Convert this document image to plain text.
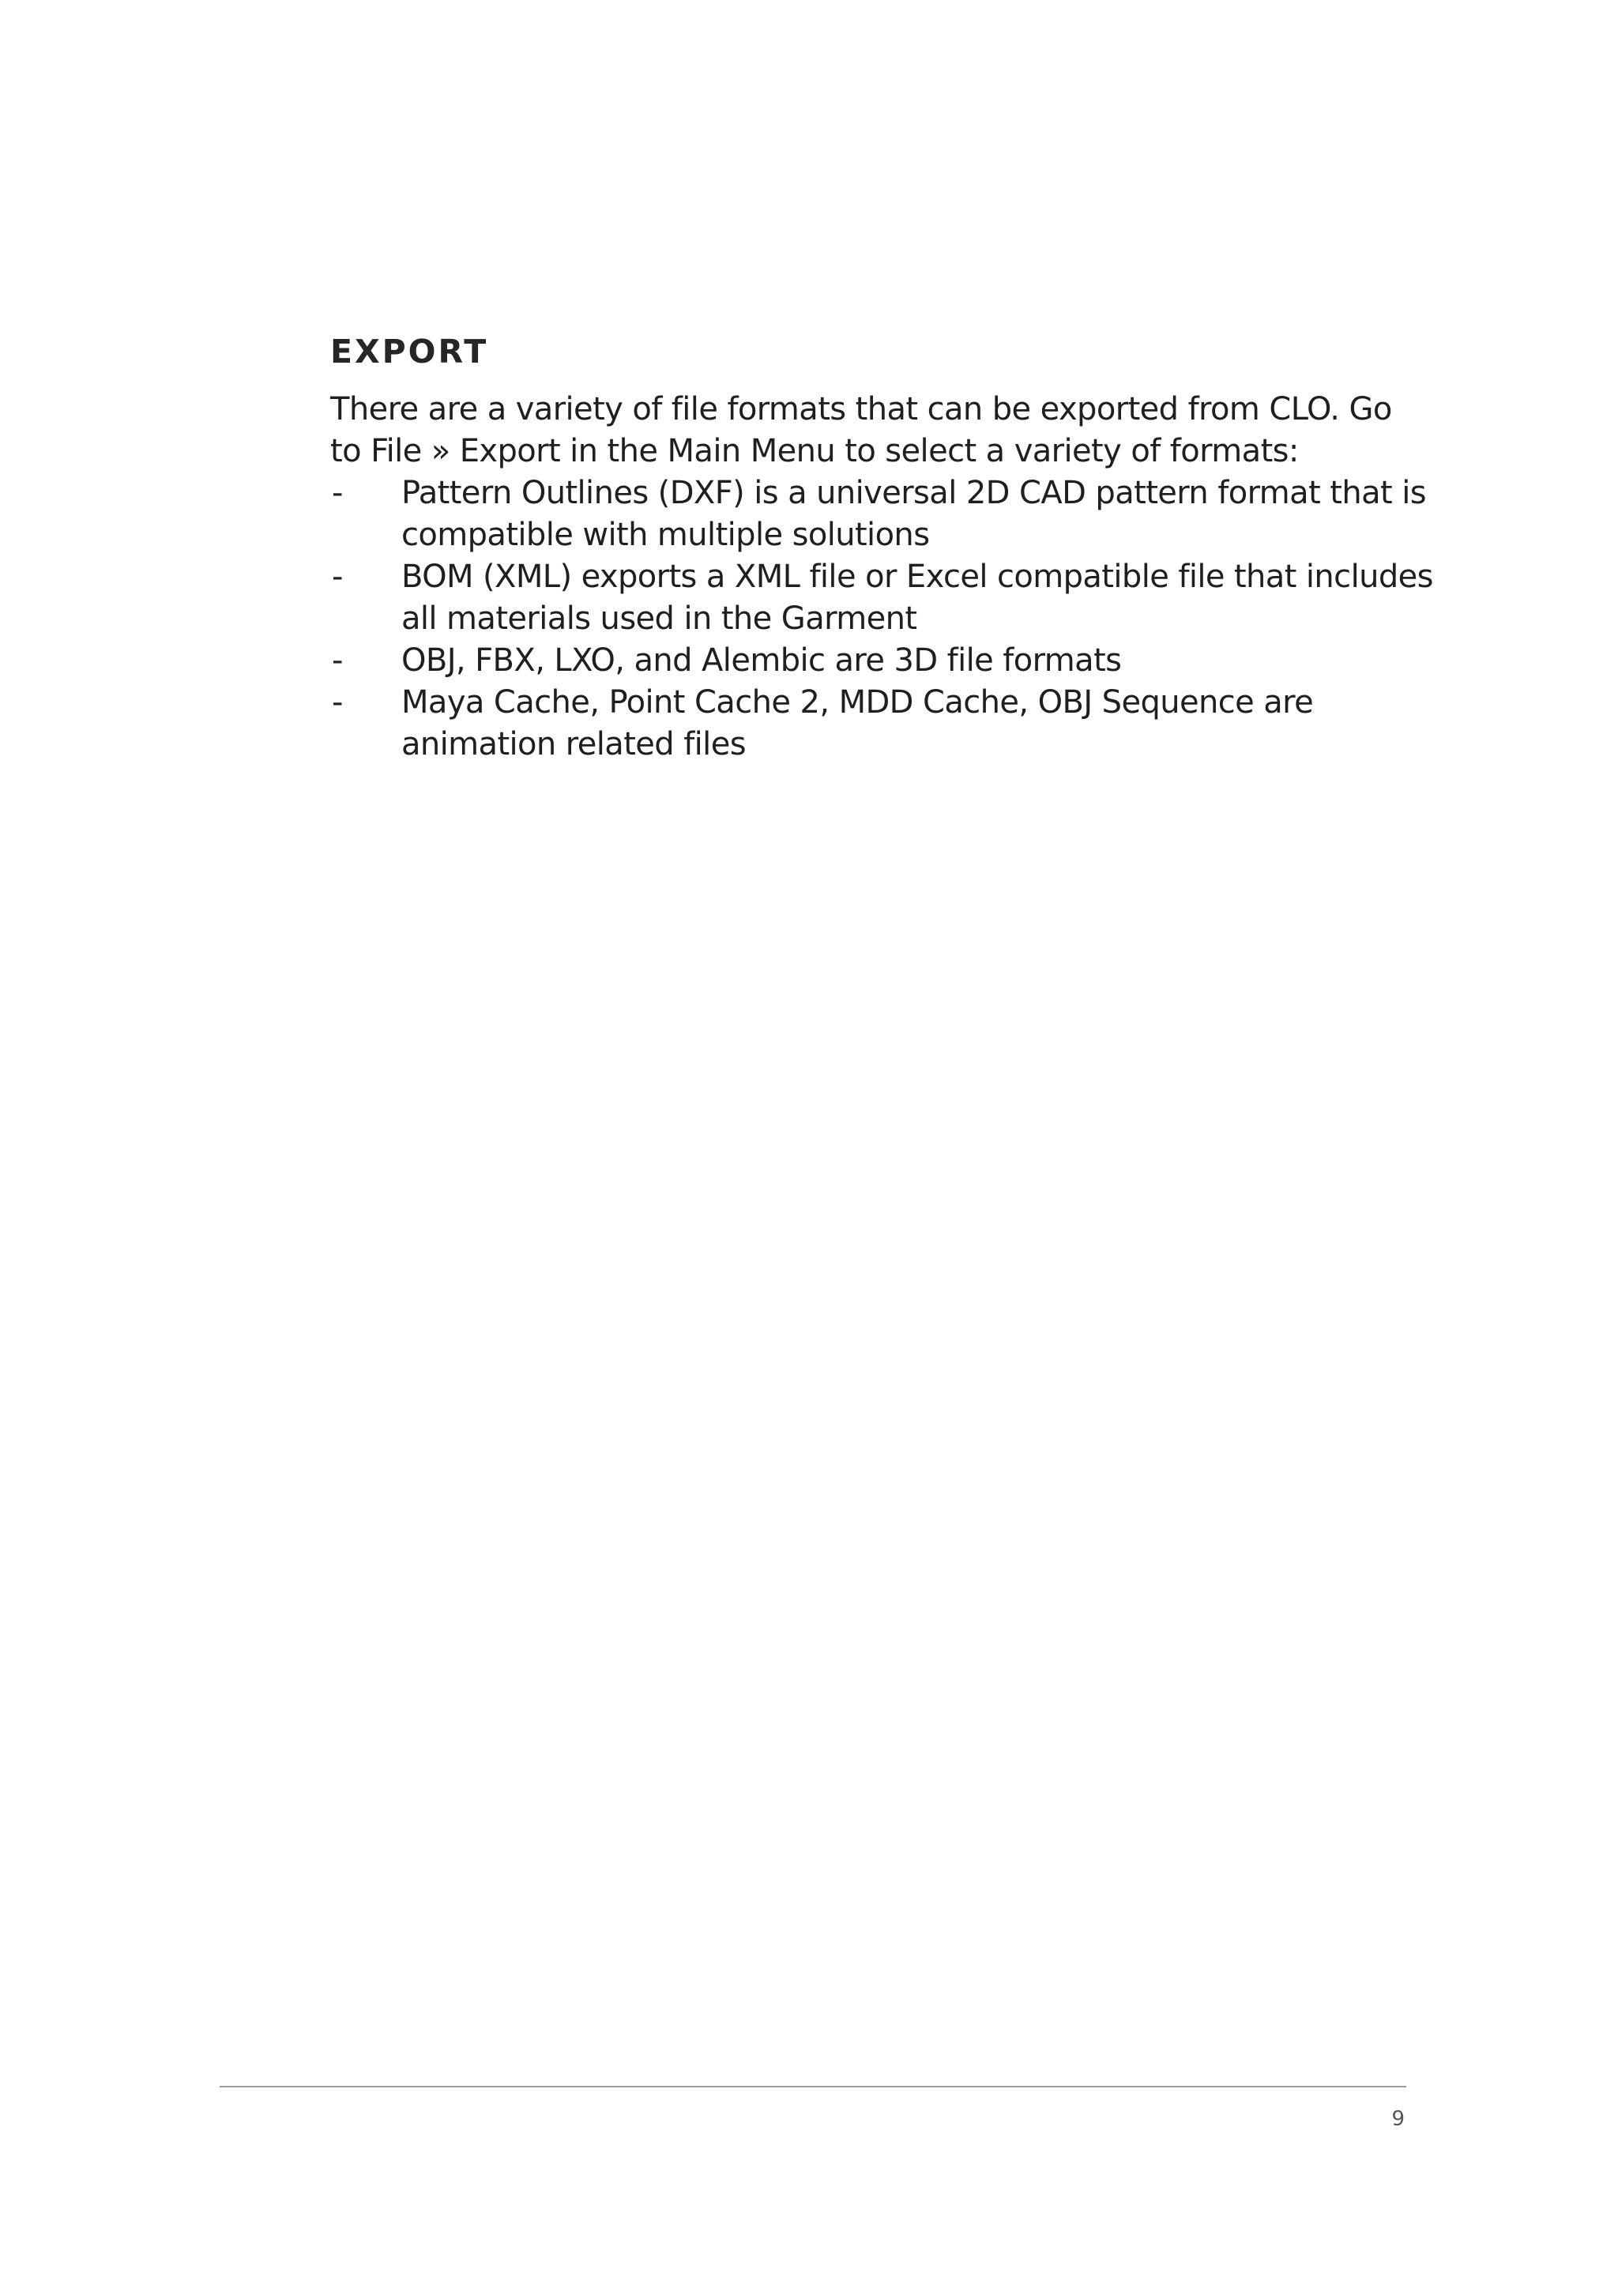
EXPORT

There are a variety of file formats that can be exported from CLO. Go to File » Export in the Main Menu to select a variety of formats:

-	Pattern Outlines (DXF) is a universal 2D CAD pattern format that is compatible with multiple solutions
-	BOM (XML) exports a XML file or Excel compatible file that includes all materials used in the Garment
-	OBJ, FBX, LXO, and Alembic are 3D file formats
-	Maya Cache, Point Cache 2, MDD Cache, OBJ Sequence are animation related files
9
